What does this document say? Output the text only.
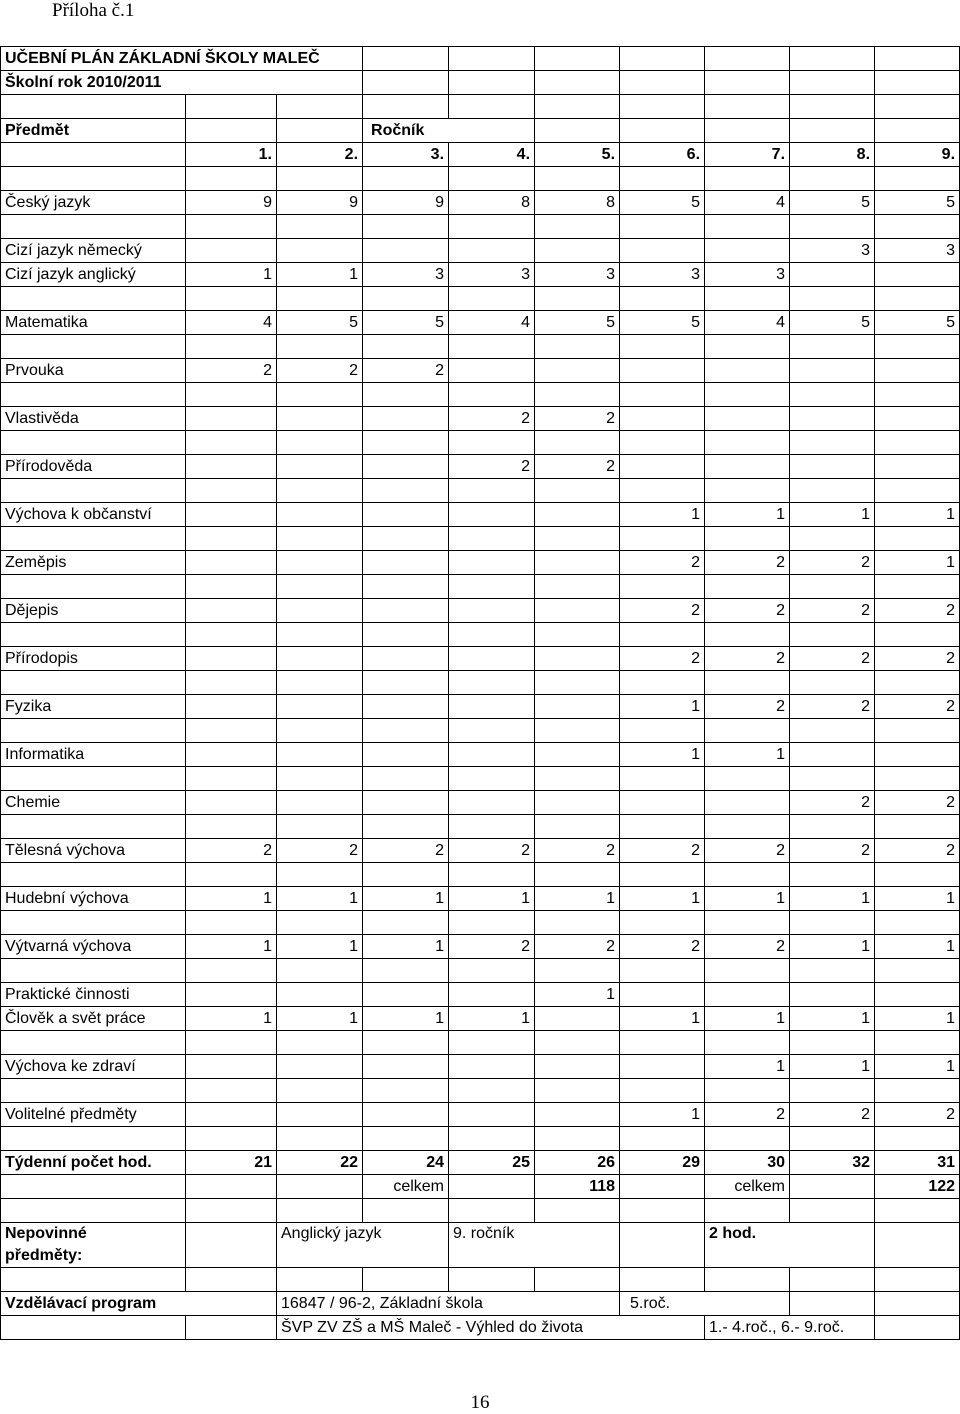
Příloha č.1
UČEBNÍ PLÁN ZÁKLADNÍ ŠKOLY MALEČ									
Školní rok 2010/2011									

Předmět			Ročník						
	1.	2.	3.	4.	5.	6.	7.	8.	9.

Český jazyk	9	9	9	8	8	5	4	5	5

Cizí jazyk německý								3	3
Cizí jazyk anglický	1	1	3	3	3	3	3		

Matematika	4	5	5	4	5	5	4	5	5

Prvouka	2	2	2						

Vlastivěda				2	2				

Přírodověda				2	2				

Výchova k občanství						1	1	1	1

Zeměpis						2	2	2	1

Dějepis						2	2	2	2

Přírodopis						2	2	2	2

Fyzika						1	2	2	2

Informatika						1	1		

Chemie								2	2

Tělesná výchova	2	2	2	2	2	2	2	2	2

Hudební výchova	1	1	1	1	1	1	1	1	1

Výtvarná výchova	1	1	1	2	2	2	2	1	1

Praktické činnosti					1				
Člověk a svět práce	1	1	1	1		1	1	1	1

Výchova ke zdraví							1	1	1

Volitelné předměty						1	2	2	2

Týdenní počet hod.	21	22	24	25	26	29	30	32	31
			celkem		118		celkem		122

Nepovinné
předměty:		Anglický jazyk		9. ročník			2 hod.		

Vzdělávací program		16847 / 96-2, Základní škola				5.roč.			
		ŠVP ZV ZŠ a MŠ Maleč - Výhled do života					1.- 4.roč., 6.- 9.roč.		
16
